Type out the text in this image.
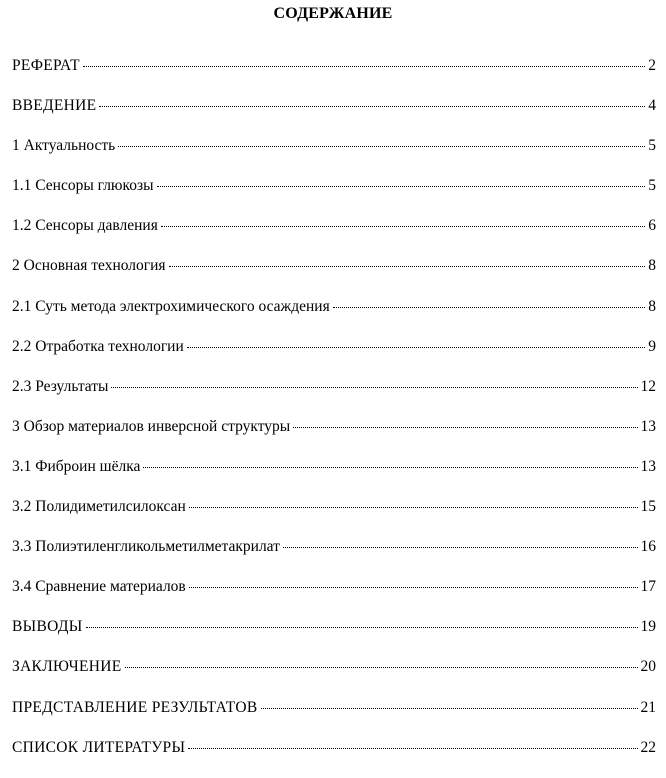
СОДЕРЖАНИЕ
РЕФЕРАТ	2
ВВЕДЕНИЕ	4
1 Актуальность	5
1.1 Сенсоры глюкозы	5
1.2 Сенсоры давления	6
2 Основная технология	8
2.1 Суть метода электрохимического осаждения	8
2.2 Отработка технологии	9
2.3 Результаты	12
3 Обзор материалов инверсной структуры	13
3.1 Фиброин шёлка	13
3.2 Полидиметилсилоксан	15
3.3 Полиэтиленгликольметилметакрилат	16
3.4 Сравнение материалов	17
ВЫВОДЫ	19
ЗАКЛЮЧЕНИЕ	20
ПРЕДСТАВЛЕНИЕ РЕЗУЛЬТАТОВ	21
СПИСОК ЛИТЕРАТУРЫ	22
